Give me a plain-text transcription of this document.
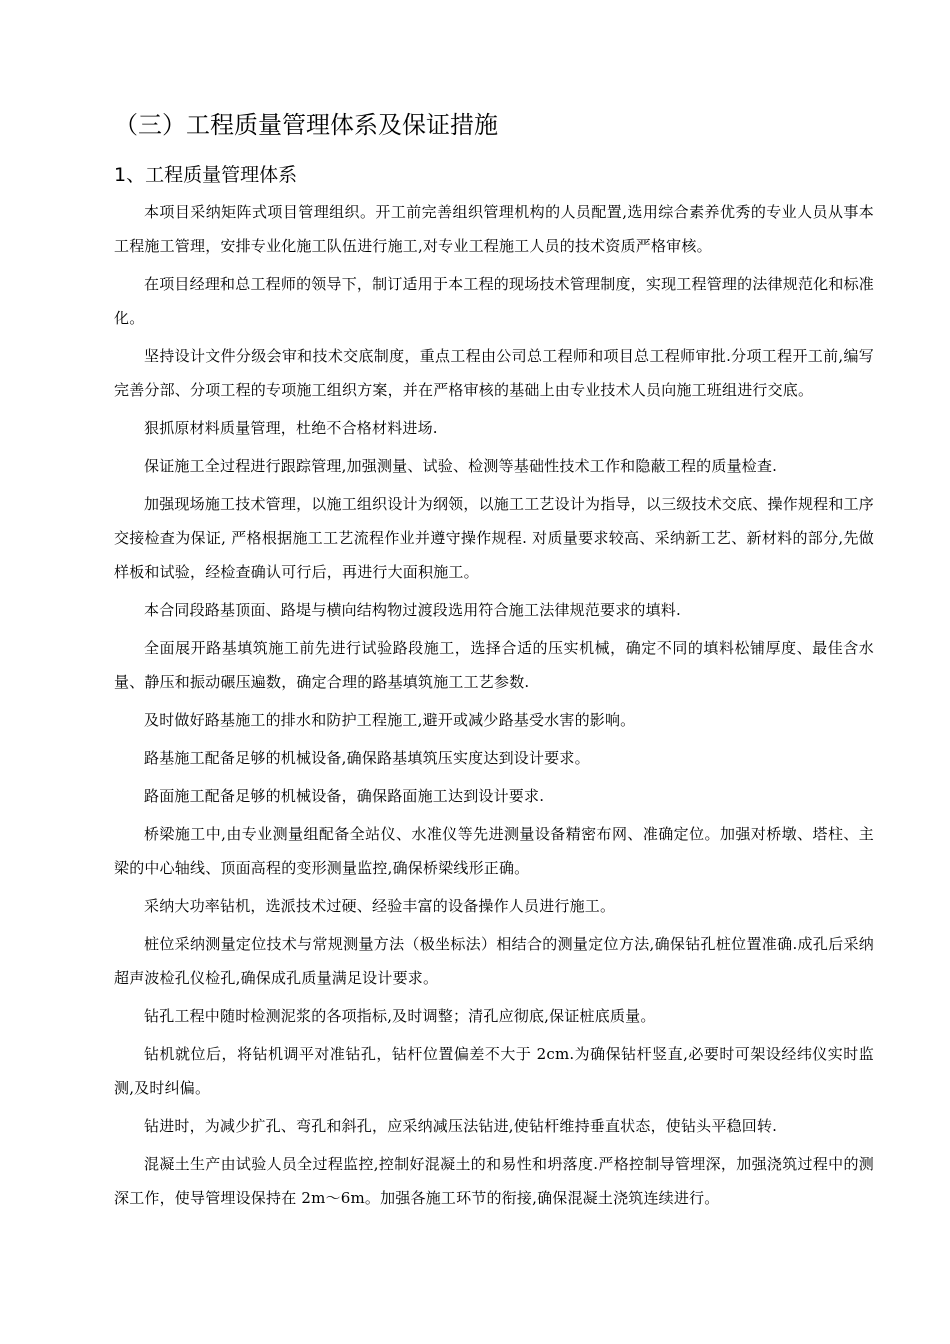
（三）工程质量管理体系及保证措施
1、工程质量管理体系

本项目采纳矩阵式项目管理组织。开工前完善组织管理机构的人员配置,选用综合素养优秀的专业人员从事本工程施工管理，安排专业化施工队伍进行施工,对专业工程施工人员的技术资质严格审核。

在项目经理和总工程师的领导下，制订适用于本工程的现场技术管理制度，实现工程管理的法律规范化和标准化。

坚持设计文件分级会审和技术交底制度，重点工程由公司总工程师和项目总工程师审批.分项工程开工前,编写完善分部、分项工程的专项施工组织方案，并在严格审核的基础上由专业技术人员向施工班组进行交底。

狠抓原材料质量管理，杜绝不合格材料进场.

保证施工全过程进行跟踪管理,加强测量、试验、检测等基础性技术工作和隐蔽工程的质量检查.

加强现场施工技术管理，以施工组织设计为纲领，以施工工艺设计为指导，以三级技术交底、操作规程和工序交接检查为保证, 严格根据施工工艺流程作业并遵守操作规程. 对质量要求较高、采纳新工艺、新材料的部分,先做样板和试验，经检查确认可行后，再进行大面积施工。

本合同段路基顶面、路堤与横向结构物过渡段选用符合施工法律规范要求的填料.

全面展开路基填筑施工前先进行试验路段施工，选择合适的压实机械，确定不同的填料松铺厚度、最佳含水量、静压和振动碾压遍数，确定合理的路基填筑施工工艺参数.

及时做好路基施工的排水和防护工程施工,避开或减少路基受水害的影响。

路基施工配备足够的机械设备,确保路基填筑压实度达到设计要求。

路面施工配备足够的机械设备，确保路面施工达到设计要求.

桥梁施工中,由专业测量组配备全站仪、水准仪等先进测量设备精密布网、准确定位。加强对桥墩、塔柱、主梁的中心轴线、顶面高程的变形测量监控,确保桥梁线形正确。

采纳大功率钻机，选派技术过硬、经验丰富的设备操作人员进行施工。

桩位采纳测量定位技术与常规测量方法（极坐标法）相结合的测量定位方法,确保钻孔桩位置准确.成孔后采纳超声波检孔仪检孔,确保成孔质量满足设计要求。

钻孔工程中随时检测泥浆的各项指标,及时调整；清孔应彻底,保证桩底质量。

钻机就位后，将钻机调平对准钻孔，钻杆位置偏差不大于 2cm.为确保钻杆竖直,必要时可架设经纬仪实时监测,及时纠偏。

钻进时，为减少扩孔、弯孔和斜孔，应采纳减压法钻进,使钻杆维持垂直状态，使钻头平稳回转.

混凝土生产由试验人员全过程监控,控制好混凝土的和易性和坍落度.严格控制导管埋深，加强浇筑过程中的测深工作，使导管埋设保持在 2m～6m。加强各施工环节的衔接,确保混凝土浇筑连续进行。
